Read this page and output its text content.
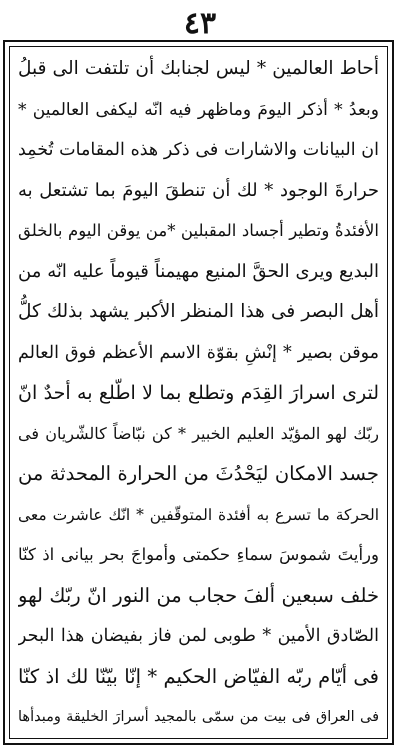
٤٣
أحاط العالمين * ليس لجنابك أن تلتفت الى قبلُ
وبعدُ * أذكر اليومَ وماظهر فيه انّه ليكفى العالمين *
ان البيانات والاشارات فى ذكر هذه المقامات تُخمِد
حرارةَ الوجود * لك أن تنطقَ اليومَ بما تشتعل به
الأفئدةُ وتطير أجساد المقبلين *من يوقن اليوم بالخلق
البديع ويرى الحقَّ المنيع مهيمناً قيوماً عليه انّه من
أهل البصر فى هذا المنظر الأكبر يشهد بذلك كلُّ
موقن بصير * إنْشِ بقوّة الاسم الأعظم فوق العالم
لترى اسرارَ القِدَم وتطلع بما لا اطّلع به أحدٌ انّ
ربّك لهو المؤيّد العليم الخبير * كن نبّاضاً كالشّريان فى
جسد الامكان ليَحْدُثَ من الحرارة المحدثة من
الحركة ما تسرع به أفئدة المتوقّفين * انّك عاشرت معى
ورأيتَ شموسَ سماءِ حكمتى وأمواجَ بحر بيانى اذ كنّا
خلف سبعين ألفَ حجاب من النور انّ ربّك لهو
الصّادق الأمين * طوبى لمن فاز بفيضان هذا البحر
فى أيّام ربّه الفيّاض الحكيم * إنّا بيّنّا لك اذ كنّا
فى العراق فى بيت من سمّى بالمجيد أسرارَ الخليقة ومبدأها
